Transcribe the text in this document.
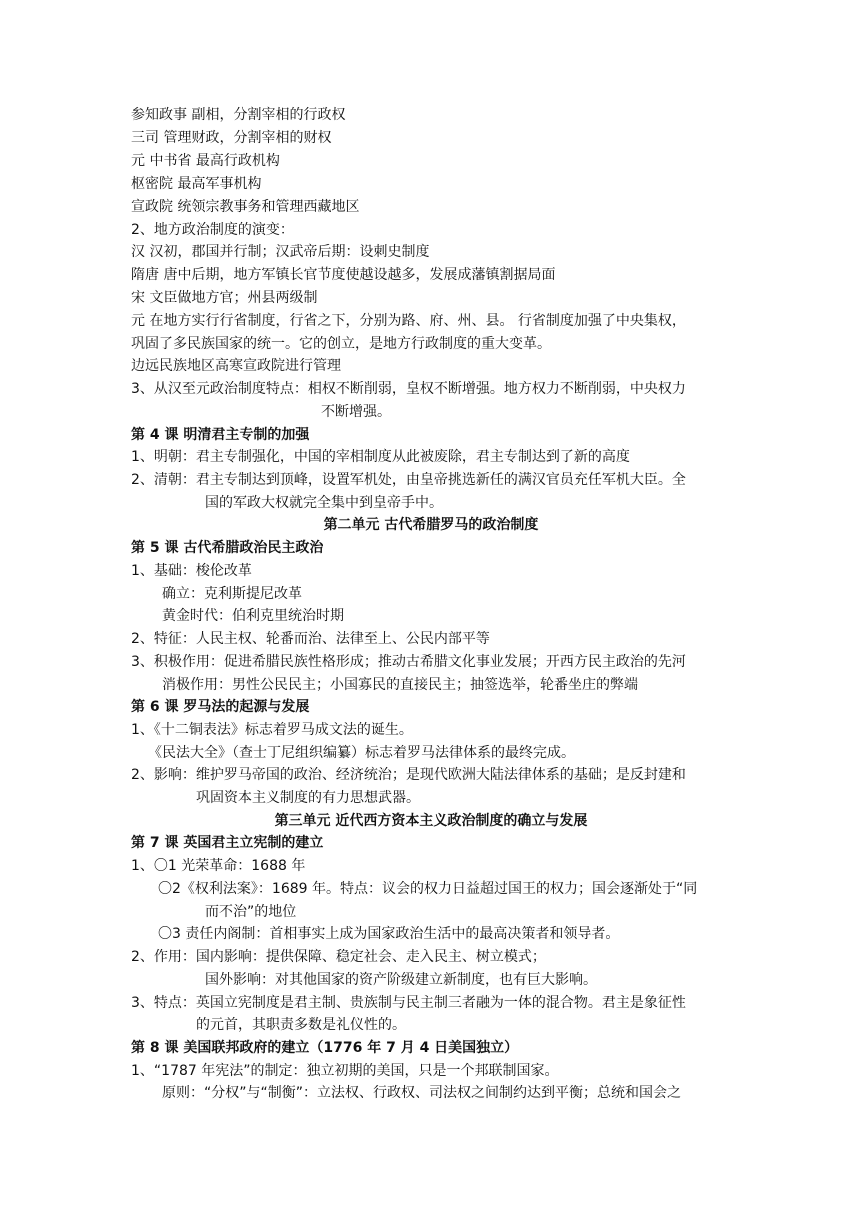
参知政事 副相，分割宰相的行政权
三司 管理财政，分割宰相的财权
元 中书省 最高行政机构
枢密院 最高军事机构
宣政院 统领宗教事务和管理西藏地区
2、地方政治制度的演变：
汉 汉初，郡国并行制；汉武帝后期：设刺史制度
隋唐 唐中后期，地方军镇长官节度使越设越多，发展成藩镇割据局面
宋 文臣做地方官；州县两级制
元 在地方实行行省制度，行省之下，分别为路、府、州、县。 行省制度加强了中央集权，
巩固了多民族国家的统一。它的创立，是地方行政制度的重大变革。
边远民族地区高寒宣政院进行管理
3、从汉至元政治制度特点：相权不断削弱，皇权不断增强。地方权力不断削弱，中央权力
不断增强。
第 4 课 明清君主专制的加强
1、明朝：君主专制强化，中国的宰相制度从此被废除，君主专制达到了新的高度
2、清朝：君主专制达到顶峰，设置军机处，由皇帝挑选新任的满汉官员充任军机大臣。全
国的军政大权就完全集中到皇帝手中。
第二单元 古代希腊罗马的政治制度
第 5 课 古代希腊政治民主政治
1、基础：梭伦改革
确立：克利斯提尼改革
黄金时代：伯利克里统治时期
2、特征：人民主权、轮番而治、法律至上、公民内部平等
3、积极作用：促进希腊民族性格形成；推动古希腊文化事业发展；开西方民主政治的先河
消极作用：男性公民民主；小国寡民的直接民主；抽签选举，轮番坐庄的弊端
第 6 课 罗马法的起源与发展
1、《十二铜表法》标志着罗马成文法的诞生。
《民法大全》（查士丁尼组织编纂）标志着罗马法律体系的最终完成。
2、影响：维护罗马帝国的政治、经济统治；是现代欧洲大陆法律体系的基础；是反封建和
巩固资本主义制度的有力思想武器。
第三单元 近代西方资本主义政治制度的确立与发展
第 7 课 英国君主立宪制的建立
1、〇1 光荣革命：1688 年
〇2《权利法案》：1689 年。特点：议会的权力日益超过国王的权力；国会逐渐处于“同
而不治”的地位
〇3 责任内阁制：首相事实上成为国家政治生活中的最高决策者和领导者。
2、作用：国内影响：提供保障、稳定社会、走入民主、树立模式；
国外影响：对其他国家的资产阶级建立新制度，也有巨大影响。
3、特点：英国立宪制度是君主制、贵族制与民主制三者融为一体的混合物。君主是象征性
的元首，其职责多数是礼仪性的。
第 8 课 美国联邦政府的建立（1776 年 7 月 4 日美国独立）
1、“1787 年宪法”的制定：独立初期的美国，只是一个邦联制国家。
原则：“分权”与“制衡”：立法权、行政权、司法权之间制约达到平衡；总统和国会之
